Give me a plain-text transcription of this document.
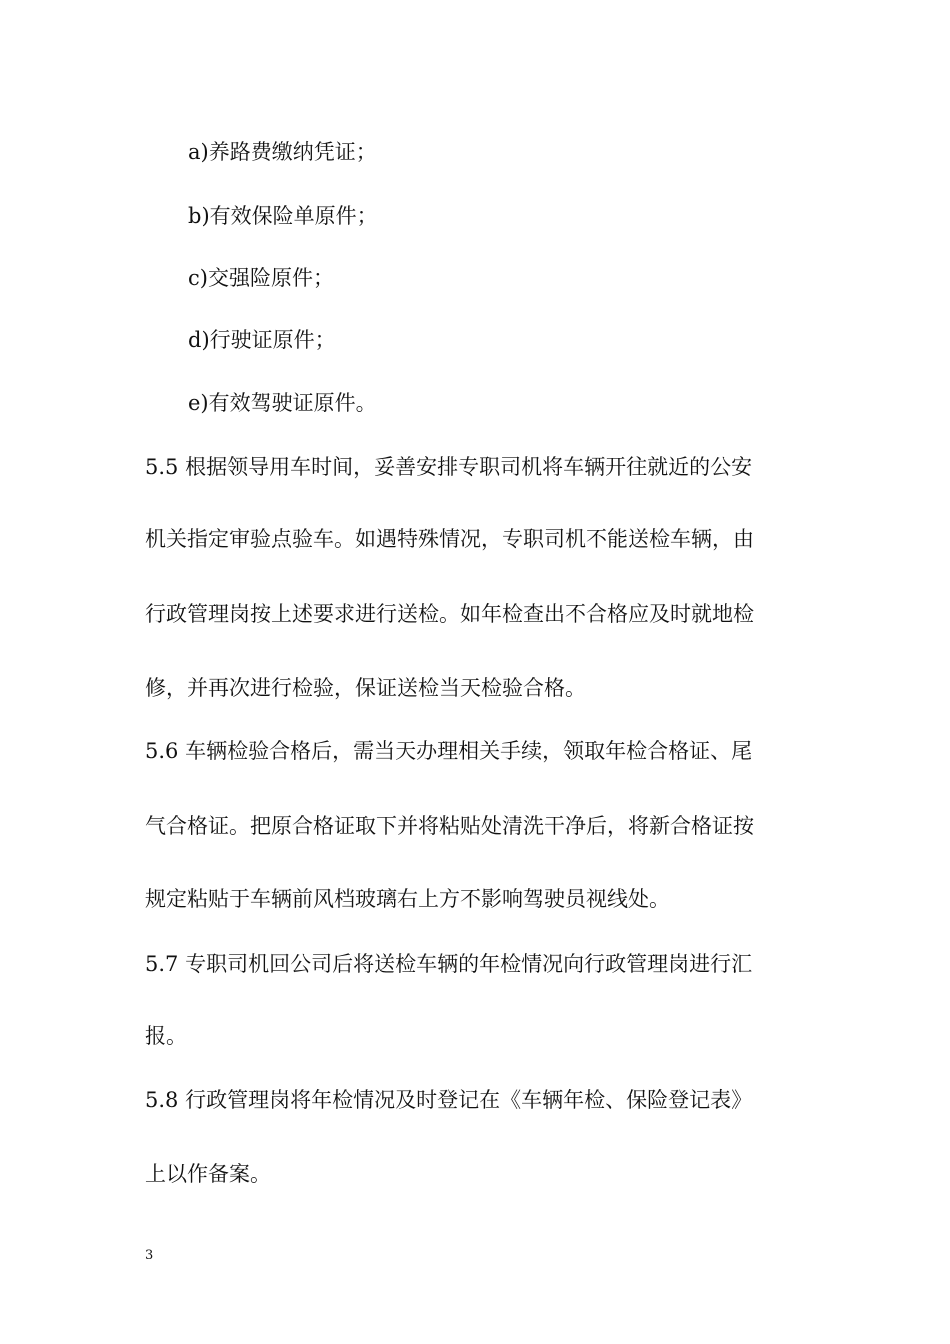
a)养路费缴纳凭证；
b)有效保险单原件；
c)交强险原件；
d)行驶证原件；
e)有效驾驶证原件。
5.5 根据领导用车时间，妥善安排专职司机将车辆开往就近的公安
机关指定审验点验车。如遇特殊情况，专职司机不能送检车辆，由
行政管理岗按上述要求进行送检。如年检查出不合格应及时就地检
修，并再次进行检验，保证送检当天检验合格。
5.6 车辆检验合格后，需当天办理相关手续，领取年检合格证、尾
气合格证。把原合格证取下并将粘贴处清洗干净后，将新合格证按
规定粘贴于车辆前风档玻璃右上方不影响驾驶员视线处。
5.7 专职司机回公司后将送检车辆的年检情况向行政管理岗进行汇
报。
5.8 行政管理岗将年检情况及时登记在《车辆年检、保险登记表》
上以作备案。
3
